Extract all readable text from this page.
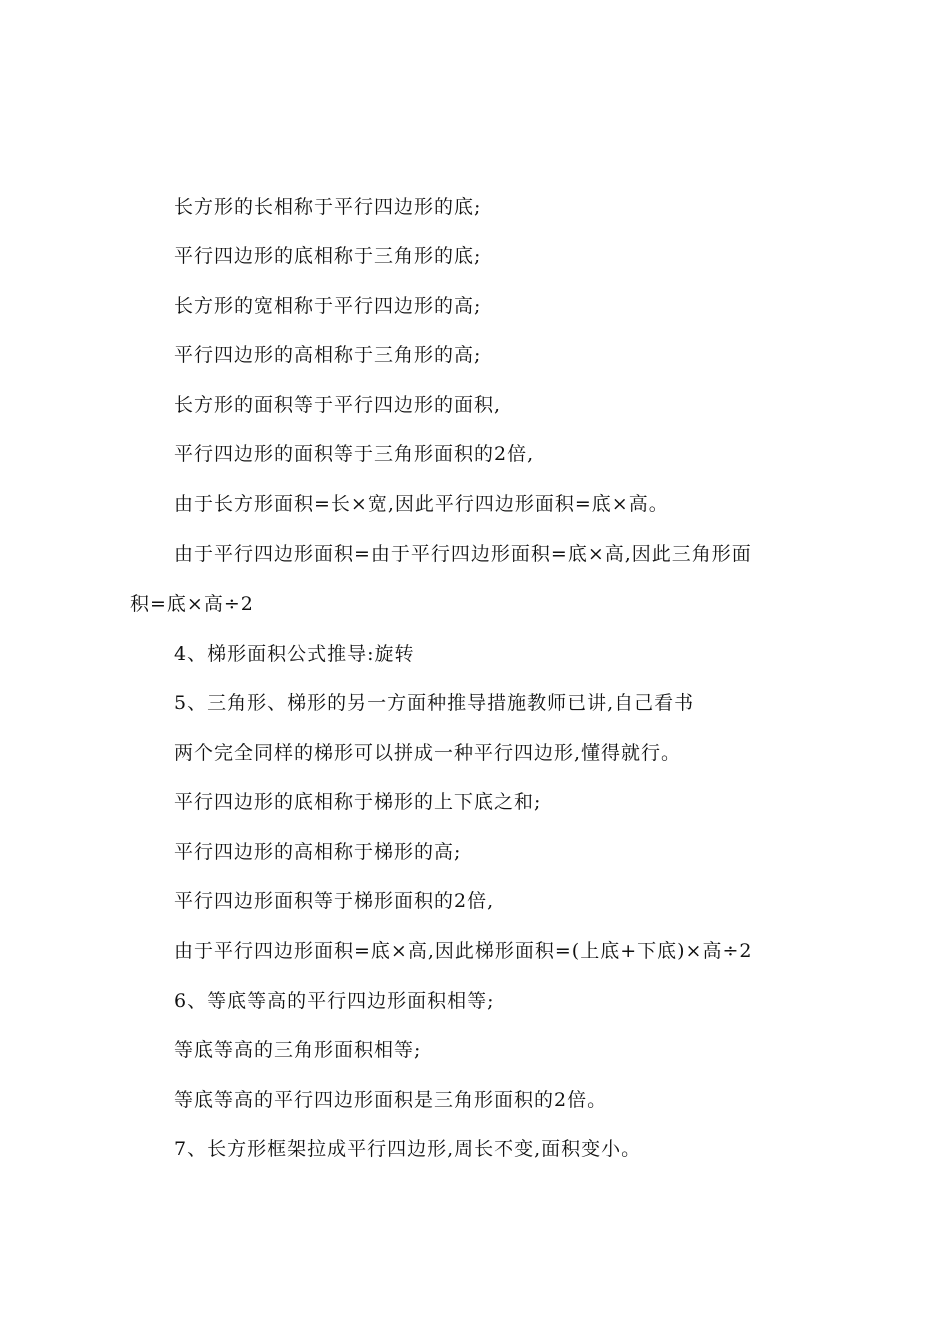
长方形的长相称于平行四边形的底;
平行四边形的底相称于三角形的底;
长方形的宽相称于平行四边形的高;
平行四边形的高相称于三角形的高;
长方形的面积等于平行四边形的面积,
平行四边形的面积等于三角形面积的2倍,
由于长方形面积=长×宽,因此平行四边形面积=底×高。
由于平行四边形面积=由于平行四边形面积=底×高,因此三角形面
积=底×高÷2
4、梯形面积公式推导:旋转
5、三角形、梯形的另一方面种推导措施教师已讲,自己看书
两个完全同样的梯形可以拼成一种平行四边形,懂得就行。
平行四边形的底相称于梯形的上下底之和;
平行四边形的高相称于梯形的高;
平行四边形面积等于梯形面积的2倍,
由于平行四边形面积=底×高,因此梯形面积=(上底+下底)×高÷2
6、等底等高的平行四边形面积相等;
等底等高的三角形面积相等;
等底等高的平行四边形面积是三角形面积的2倍。
7、长方形框架拉成平行四边形,周长不变,面积变小。
